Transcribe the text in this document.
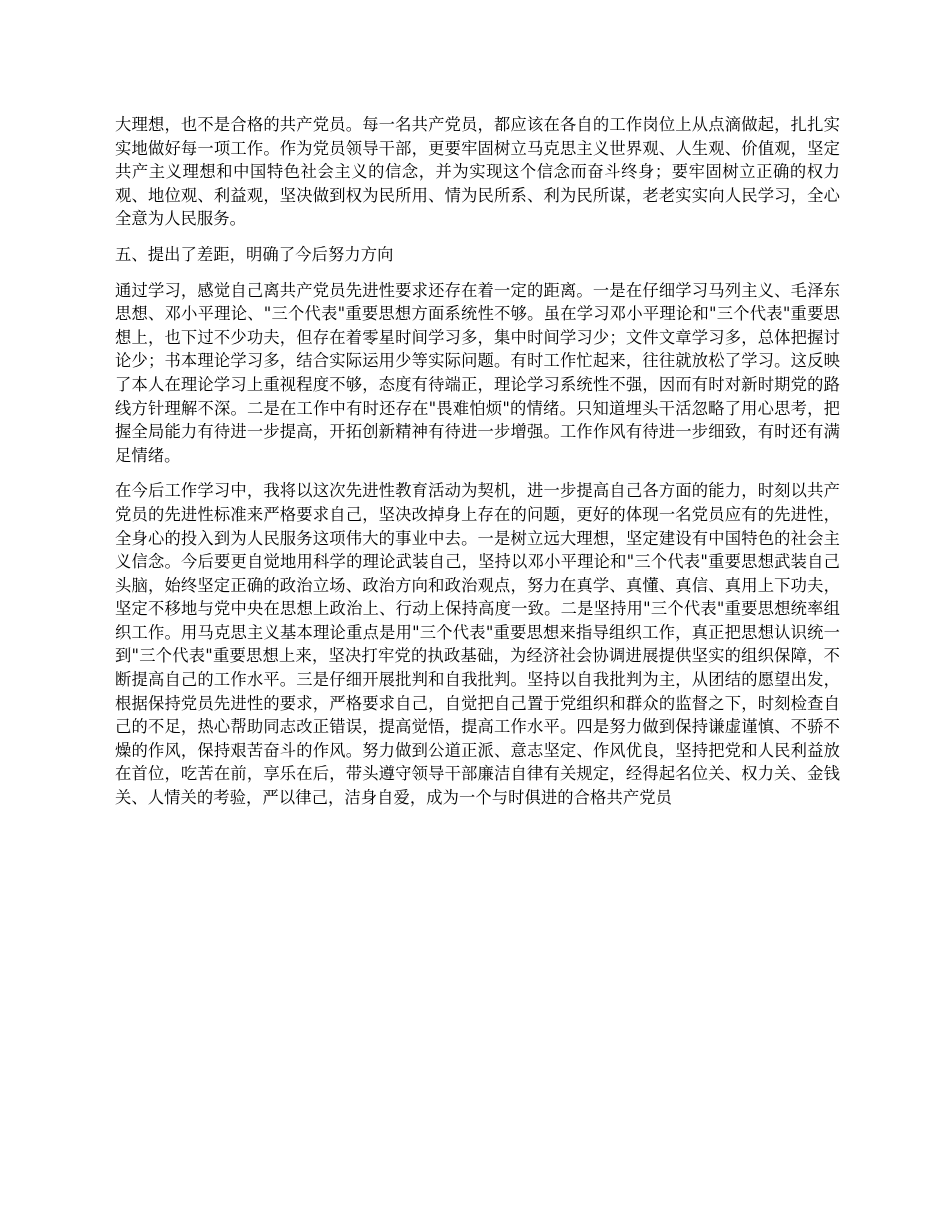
大理想，也不是合格的共产党员。每一名共产党员，都应该在各自的工作岗位上从点滴做起，扎扎实实地做好每一项工作。作为党员领导干部，更要牢固树立马克思主义世界观、人生观、价值观，坚定共产主义理想和中国特色社会主义的信念，并为实现这个信念而奋斗终身；要牢固树立正确的权力观、地位观、利益观，坚决做到权为民所用、情为民所系、利为民所谋，老老实实向人民学习，全心全意为人民服务。

五、提出了差距，明确了今后努力方向

通过学习，感觉自己离共产党员先进性要求还存在着一定的距离。一是在仔细学习马列主义、毛泽东思想、邓小平理论、"三个代表"重要思想方面系统性不够。虽在学习邓小平理论和"三个代表"重要思想上，也下过不少功夫，但存在着零星时间学习多，集中时间学习少；文件文章学习多，总体把握讨论少；书本理论学习多，结合实际运用少等实际问题。有时工作忙起来，往往就放松了学习。这反映了本人在理论学习上重视程度不够，态度有待端正，理论学习系统性不强，因而有时对新时期党的路线方针理解不深。二是在工作中有时还存在"畏难怕烦"的情绪。只知道埋头干活忽略了用心思考，把握全局能力有待进一步提高，开拓创新精神有待进一步增强。工作作风有待进一步细致，有时还有满足情绪。

在今后工作学习中，我将以这次先进性教育活动为契机，进一步提高自己各方面的能力，时刻以共产党员的先进性标准来严格要求自己，坚决改掉身上存在的问题，更好的体现一名党员应有的先进性，全身心的投入到为人民服务这项伟大的事业中去。一是树立远大理想，坚定建设有中国特色的社会主义信念。今后要更自觉地用科学的理论武装自己，坚持以邓小平理论和"三个代表"重要思想武装自己头脑，始终坚定正确的政治立场、政治方向和政治观点，努力在真学、真懂、真信、真用上下功夫，坚定不移地与党中央在思想上政治上、行动上保持高度一致。二是坚持用"三个代表"重要思想统率组织工作。用马克思主义基本理论重点是用"三个代表"重要思想来指导组织工作，真正把思想认识统一到"三个代表"重要思想上来，坚决打牢党的执政基础，为经济社会协调进展提供坚实的组织保障，不断提高自己的工作水平。三是仔细开展批判和自我批判。坚持以自我批判为主，从团结的愿望出发，根据保持党员先进性的要求，严格要求自己，自觉把自己置于党组织和群众的监督之下，时刻检查自己的不足，热心帮助同志改正错误，提高觉悟，提高工作水平。四是努力做到保持谦虚谨慎、不骄不燥的作风，保持艰苦奋斗的作风。努力做到公道正派、意志坚定、作风优良，坚持把党和人民利益放在首位，吃苦在前，享乐在后，带头遵守领导干部廉洁自律有关规定，经得起名位关、权力关、金钱关、人情关的考验，严以律己，洁身自爱，成为一个与时俱进的合格共产党员
